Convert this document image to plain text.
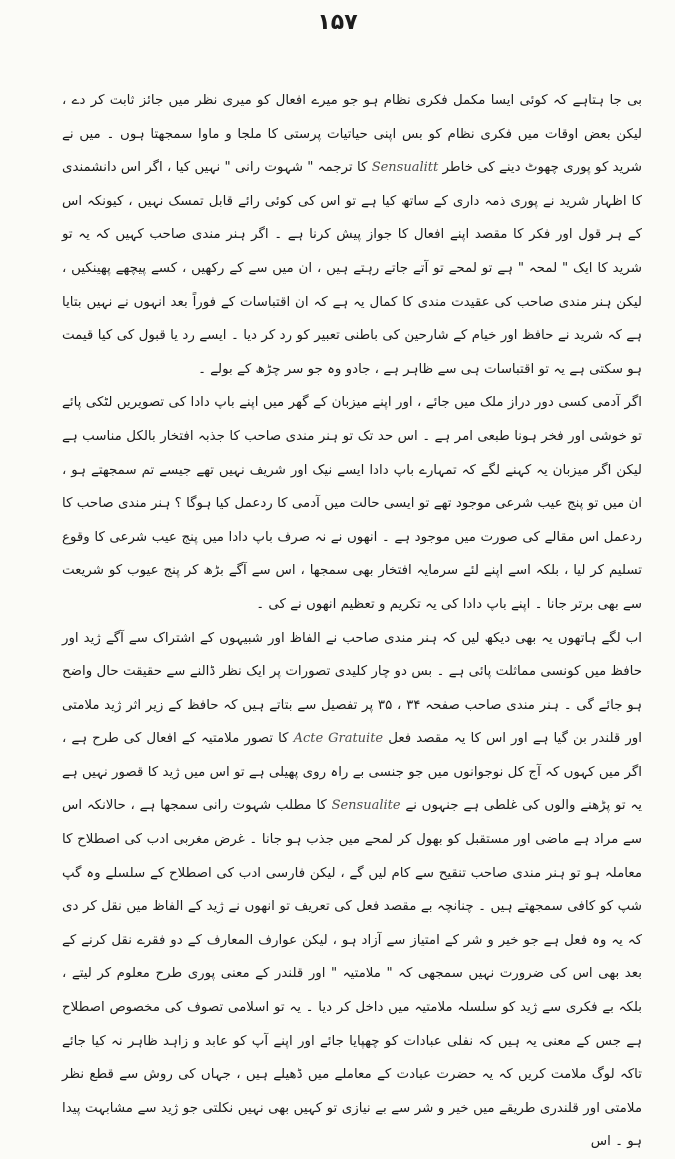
۱۵۷

بی جا ہتاہے کہ کوئی ایسا مکمل فکری نظام ہو جو میرے افعال کو میری نظر میں جائز ثابت کر دے ، لیکن بعض اوقات میں فکری نظام کو بس اپنی حیاتیات پرستی کا ملجا و ماوا سمجھتا ہوں ۔ میں نے شرید کو پوری چھوٹ دینے کی خاطر Sensualitt کا ترجمہ " شہوت رانی " نہیں کیا ، اگر اس دانشمندی کا اظہار شرید نے پوری ذمہ داری کے ساتھ کیا ہے تو اس کی کوئی رائے قابل تمسک نہیں ، کیونکہ اس کے ہر قول اور فکر کا مقصد اپنے افعال کا جواز پیش کرنا ہے ۔ اگر ہنر مندی صاحب کہیں کہ یہ تو شرید کا ایک " لمحہ " ہے تو لمحے تو آتے جاتے رہتے ہیں ، ان میں سے کے رکھیں ، کسے پیچھے پھینکیں ، لیکن ہنر مندی صاحب کی عقیدت مندی کا کمال یہ ہے کہ ان اقتباسات کے فوراً بعد انہوں نے نہیں بتایا ہے کہ شرید نے حافظ اور خیام کے شارحین کی باطنی تعبیر کو رد کر دیا ۔ ایسے رد یا قبول کی کیا قیمت ہو سکتی ہے یہ تو اقتباسات ہی سے ظاہر ہے ، جادو وہ جو سر چڑھ کے بولے ۔

اگر آدمی کسی دور دراز ملک میں جائے ، اور اپنے میزبان کے گھر میں اپنے باپ دادا کی تصویریں لٹکی پائے تو خوشی اور فخر ہونا طبعی امر ہے ۔ اس حد تک تو ہنر مندی صاحب کا جذبہ افتخار بالکل مناسب ہے لیکن اگر میزبان یہ کہنے لگے کہ تمہارے باپ دادا ایسے نیک اور شریف نہیں تھے جیسے تم سمجھتے ہو ، ان میں تو پنج عیب شرعی موجود تھے تو ایسی حالت میں آدمی کا ردعمل کیا ہوگا ؟ ہنر مندی صاحب کا ردعمل اس مقالے کی صورت میں موجود ہے ۔ انھوں نے نہ صرف باپ دادا میں پنج عیب شرعی کا وقوع تسلیم کر لیا ، بلکہ اسے اپنے لئے سرمایہ افتخار بھی سمجھا ، اس سے آگے بڑھ کر پنج عیوب کو شریعت سے بھی برتر جانا ۔ اپنے باپ دادا کی یہ تکریم و تعظیم انھوں نے کی ۔

اب لگے ہاتھوں یہ بھی دیکھ لیں کہ ہنر مندی صاحب نے الفاظ اور شبیہوں کے اشتراک سے آگے ژید اور حافظ میں کونسی مماثلت پائی ہے ۔ بس دو چار کلیدی تصورات پر ایک نظر ڈالنے سے حقیقت حال واضح ہو جائے گی ۔ ہنر مندی صاحب صفحہ ۳۴ ، ۳۵ پر تفصیل سے بتاتے ہیں کہ حافظ کے زیر اثر ژید ملامتی اور قلندر بن گیا ہے اور اس کا یہ مقصد فعل Acte Gratuite کا تصور ملامتیہ کے افعال کی طرح ہے ، اگر میں کہوں کہ آج کل نوجوانوں میں جو جنسی بے راہ روی پھیلی ہے تو اس میں ژید کا قصور نہیں ہے یہ تو پڑھنے والوں کی غلطی ہے جنہوں نے Sensualite کا مطلب شہوت رانی سمجھا ہے ، حالانکہ اس سے مراد ہے ماضی اور مستقبل کو بھول کر لمحے میں جذب ہو جانا ۔ غرض مغربی ادب کی اصطلاح کا معاملہ ہو تو ہنر مندی صاحب تنقیح سے کام لیں گے ، لیکن فارسی ادب کی اصطلاح کے سلسلے وہ گپ شپ کو کافی سمجھتے ہیں ۔ چنانچہ بے مقصد فعل کی تعریف تو انھوں نے ژید کے الفاظ میں نقل کر دی کہ یہ وہ فعل ہے جو خیر و شر کے امتیاز سے آزاد ہو ، لیکن عوارف المعارف کے دو فقرے نقل کرنے کے بعد بھی اس کی ضرورت نہیں سمجھی کہ " ملامتیہ " اور قلندر کے معنی پوری طرح معلوم کر لیتے ، بلکہ بے فکری سے ژید کو سلسلہ ملامتیہ میں داخل کر دیا ۔ یہ تو اسلامی تصوف کی مخصوص اصطلاح ہے جس کے معنی یہ ہیں کہ نفلی عبادات کو چھپایا جائے اور اپنے آپ کو عابد و زاہد ظاہر نہ کیا جائے تاکہ لوگ ملامت کریں کہ یہ حضرت عبادت کے معاملے میں ڈھیلے ہیں ، جہاں کی روش سے قطع نظر ملامتی اور قلندری طریقے میں خیر و شر سے بے نیازی تو کہیں بھی نہیں نکلتی جو ژید سے مشابہت پیدا ہو ۔ اس
